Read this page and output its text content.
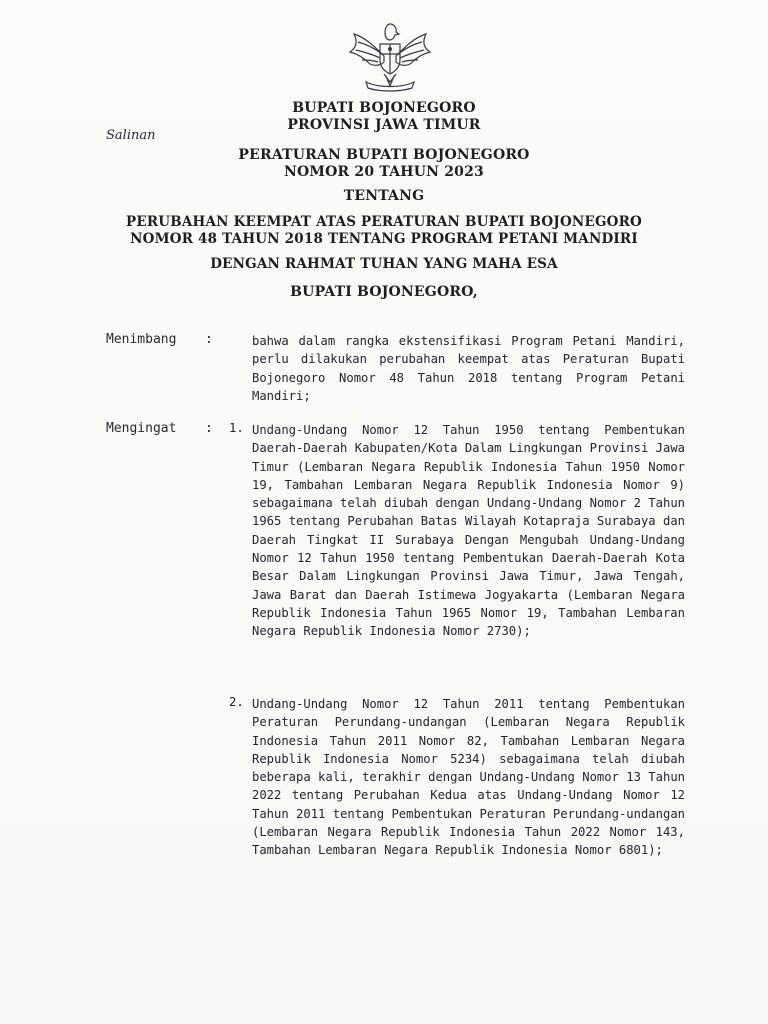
BUPATI BOJONEGORO
PROVINSI JAWA TIMUR
Salinan
PERATURAN BUPATI BOJONEGORO
NOMOR 20 TAHUN 2023
TENTANG
PERUBAHAN KEEMPAT ATAS PERATURAN BUPATI BOJONEGORO
NOMOR 48 TAHUN 2018 TENTANG PROGRAM PETANI MANDIRI
DENGAN RAHMAT TUHAN YANG MAHA ESA
BUPATI BOJONEGORO,
Menimbang :	bahwa dalam rangka ekstensifikasi Program Petani Mandiri, perlu dilakukan perubahan keempat atas Peraturan Bupati Bojonegoro Nomor 48 Tahun 2018 tentang Program Petani Mandiri;
Mengingat : 1. Undang-Undang Nomor 12 Tahun 1950 tentang Pembentukan Daerah-Daerah Kabupaten/Kota Dalam Lingkungan Provinsi Jawa Timur (Lembaran Negara Republik Indonesia Tahun 1950 Nomor 19, Tambahan Lembaran Negara Republik Indonesia Nomor 9) sebagaimana telah diubah dengan Undang-Undang Nomor 2 Tahun 1965 tentang Perubahan Batas Wilayah Kotapraja Surabaya dan Daerah Tingkat II Surabaya Dengan Mengubah Undang-Undang Nomor 12 Tahun 1950 tentang Pembentukan Daerah-Daerah Kota Besar Dalam Lingkungan Provinsi Jawa Timur, Jawa Tengah, Jawa Barat dan Daerah Istimewa Jogyakarta (Lembaran Negara Republik Indonesia Tahun 1965 Nomor 19, Tambahan Lembaran Negara Republik Indonesia Nomor 2730);
2. Undang-Undang Nomor 12 Tahun 2011 tentang Pembentukan Peraturan Perundang-undangan (Lembaran Negara Republik Indonesia Tahun 2011 Nomor 82, Tambahan Lembaran Negara Republik Indonesia Nomor 5234) sebagaimana telah diubah beberapa kali, terakhir dengan Undang-Undang Nomor 13 Tahun 2022 tentang Perubahan Kedua atas Undang-Undang Nomor 12 Tahun 2011 tentang Pembentukan Peraturan Perundang-undangan (Lembaran Negara Republik Indonesia Tahun 2022 Nomor 143, Tambahan Lembaran Negara Republik Indonesia Nomor 6801);
